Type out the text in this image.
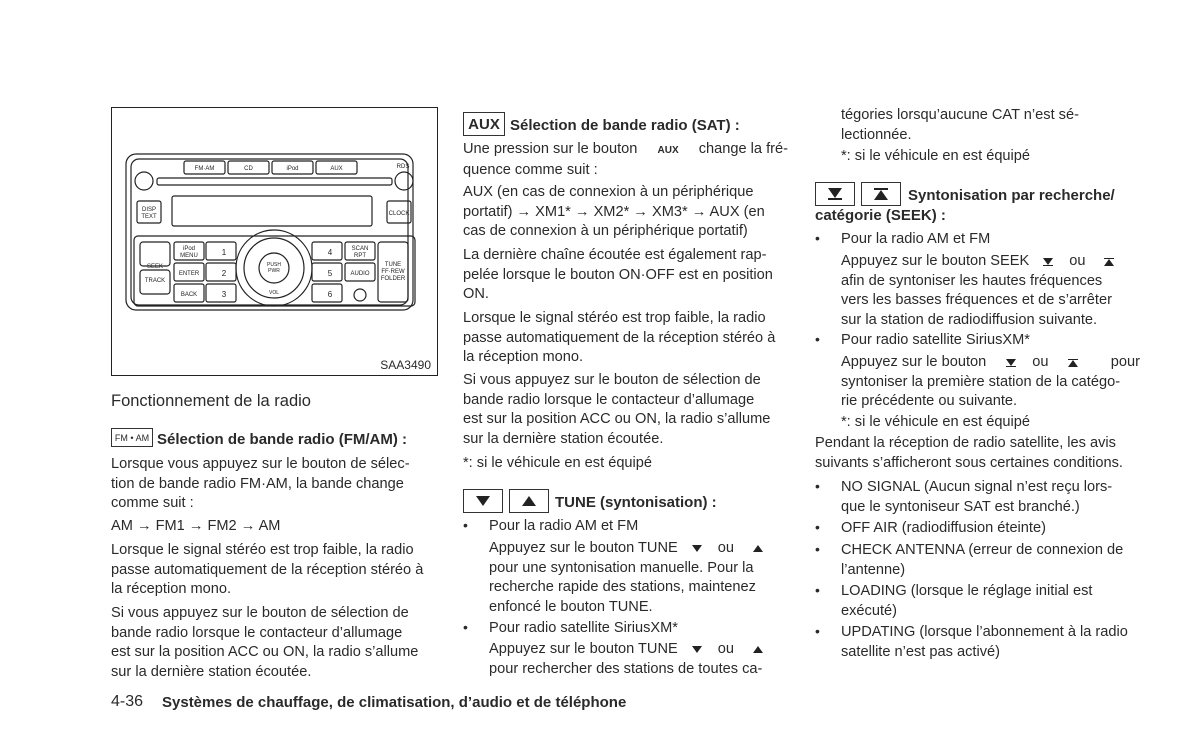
FM·AM	CD	iPod	AUX	RDS
DISP
TEXT	CLOCK
SEEK
TRACK
iPod
MENU
ENTER
BACK
1
2
3
4
5
6
PUSH
PWR
VOL
SCAN
RPT
AUDIO
TUNE
FF·REW
FOLDER
SAA3490
Fonctionnement de la radio
FM • AM Sélection de bande radio (FM/AM) :
Lorsque vous appuyez sur le bouton de sélec-
tion de bande radio FM·AM, la bande change
comme suit :
AM → FM1 → FM2 → AM
Lorsque le signal stéréo est trop faible, la radio
passe automatiquement de la réception stéréo à
la réception mono.
Si vous appuyez sur le bouton de sélection de
bande radio lorsque le contacteur d’allumage
est sur la position ACC ou ON, la radio s’allume
sur la dernière station écoutée.
AUX Sélection de bande radio (SAT) :
Une pression sur le bouton AUX change la fré-
quence comme suit :
AUX (en cas de connexion à un périphérique
portatif) → XM1* → XM2* → XM3* → AUX (en
cas de connexion à un périphérique portatif)
La dernière chaîne écoutée est également rap-
pelée lorsque le bouton ON·OFF est en position
ON.
Lorsque le signal stéréo est trop faible, la radio
passe automatiquement de la réception stéréo à
la réception mono.
Si vous appuyez sur le bouton de sélection de
bande radio lorsque le contacteur d’allumage
est sur la position ACC ou ON, la radio s’allume
sur la dernière station écoutée.
*: si le véhicule en est équipé
TUNE (syntonisation) :
• Pour la radio AM et FM
Appuyez sur le bouton TUNE	ou
pour une syntonisation manuelle. Pour la
recherche rapide des stations, maintenez
enfoncé le bouton TUNE.
• Pour radio satellite SiriusXM*
Appuyez sur le bouton TUNE	ou
pour rechercher des stations de toutes ca-
tégories lorsqu’aucune CAT n’est sé-
lectionnée.
*: si le véhicule en est équipé
Syntonisation par recherche/
catégorie (SEEK) :
• Pour la radio AM et FM
Appuyez sur le bouton SEEK	ou
afin de syntoniser les hautes fréquences
vers les basses fréquences et de s’arrêter
sur la station de radiodiffusion suivante.
• Pour radio satellite SiriusXM*
Appuyez sur le bouton	ou	pour
syntoniser la première station de la catégo-
rie précédente ou suivante.
*: si le véhicule en est équipé
Pendant la réception de radio satellite, les avis
suivants s’afficheront sous certaines conditions.
• NO SIGNAL (Aucun signal n’est reçu lors-
que le syntoniseur SAT est branché.)
• OFF AIR (radiodiffusion éteinte)
• CHECK ANTENNA (erreur de connexion de
l’antenne)
• LOADING (lorsque le réglage initial est
exécuté)
• UPDATING (lorsque l’abonnement à la radio
satellite n’est pas activé)
4-36 Systèmes de chauffage, de climatisation, d’audio et de téléphone
